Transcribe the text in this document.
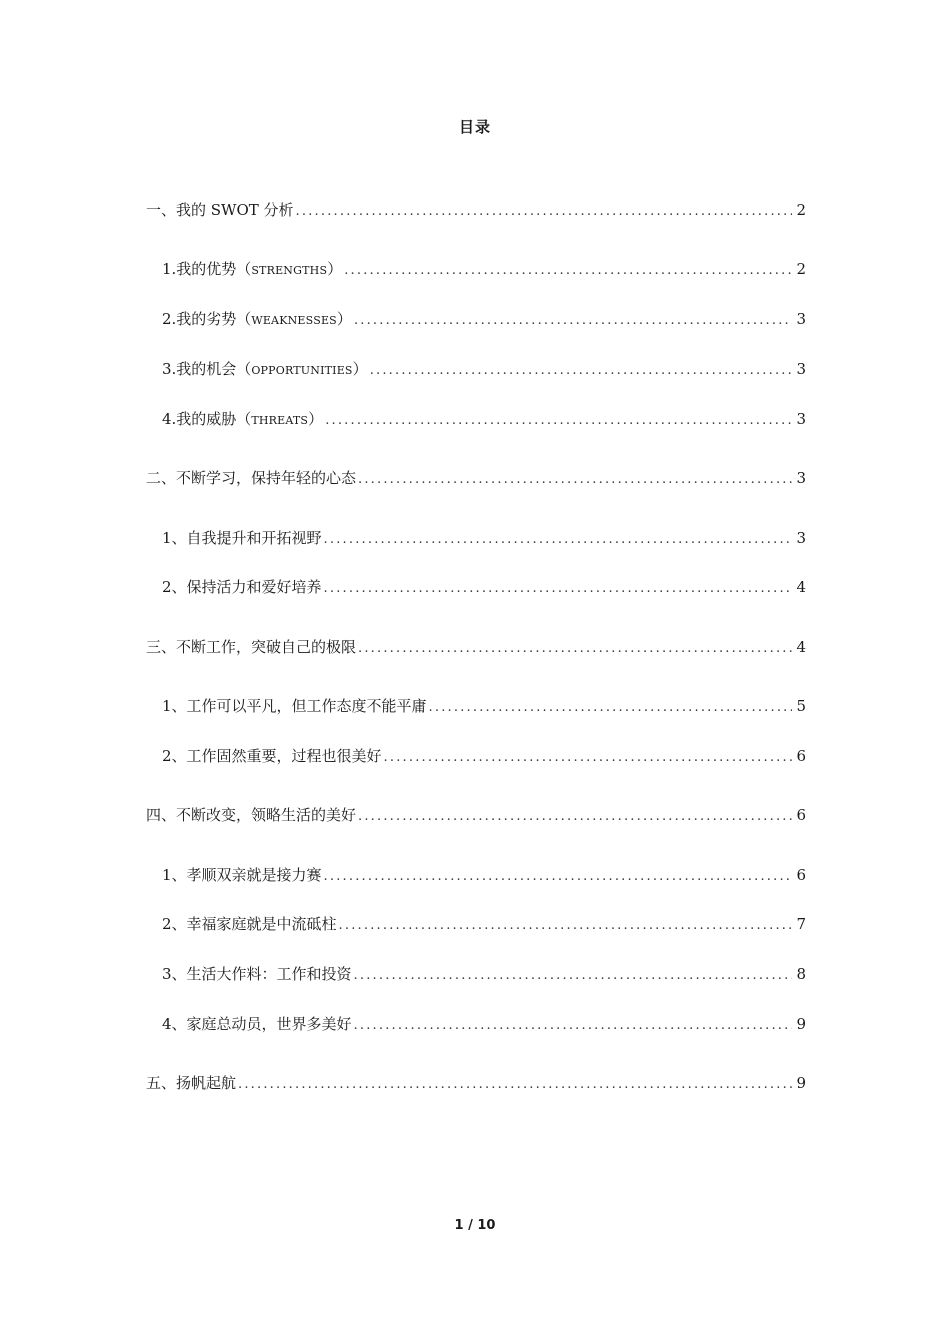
目录
一、我的 SWOT 分析 .....	2
1.我的优势（STRENGTHS） .....	2
2.我的劣势（WEAKNESSES） .....	3
3.我的机会（OPPORTUNITIES） .....	3
4.我的威胁（THREATS） .....	3
二、不断学习，保持年轻的心态 .....	3
1、自我提升和开拓视野 .....	3
2、保持活力和爱好培养 .....	4
三、不断工作，突破自己的极限 .....	4
1、工作可以平凡，但工作态度不能平庸 .....	5
2、工作固然重要，过程也很美好 .....	6
四、不断改变，领略生活的美好 .....	6
1、孝顺双亲就是接力赛 .....	6
2、幸福家庭就是中流砥柱 .....	7
3、生活大作料：工作和投资 .....	8
4、家庭总动员，世界多美好 .....	9
五、扬帆起航 .....	9
1 / 10
